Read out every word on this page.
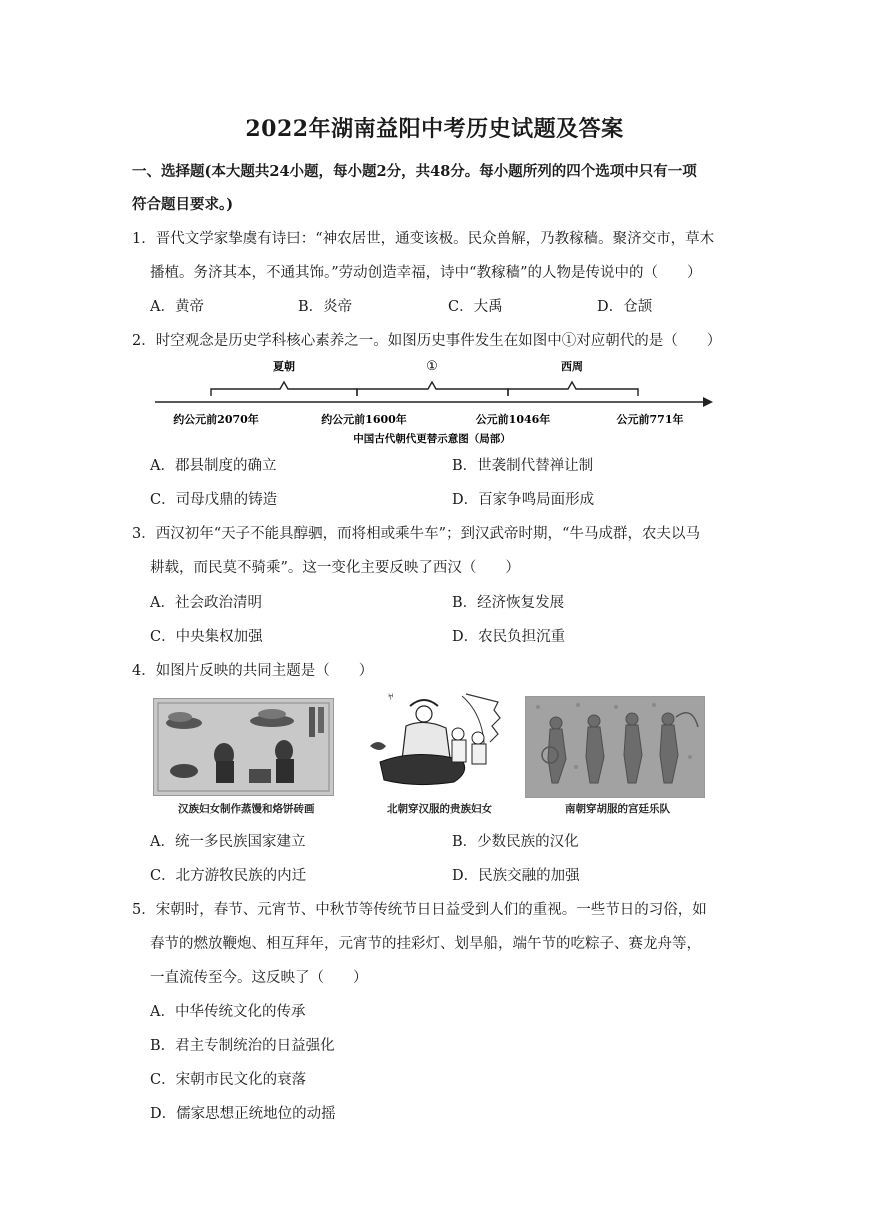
2022年湖南益阳中考历史试题及答案
一、选择题(本大题共24小题，每小题2分，共48分。每小题所列的四个选项中只有一项
符合题目要求。)
1．晋代文学家挚虞有诗曰：“神农居世，通变该极。民众兽解，乃教稼穑。聚济交市，草木
播植。务济其本，不通其饰。”劳动创造幸福，诗中“教稼穑”的人物是传说中的（　　）
A．黄帝	B．炎帝	C．大禹	D．仓颉
2．时空观念是历史学科核心素养之一。如图历史事件发生在如图中①对应朝代的是（　　）
夏朝	①	西周
约公元前2070年	约公元前1600年	公元前1046年	公元前771年
中国古代朝代更替示意图（局部）
A．郡县制度的确立	B．世袭制代替禅让制
C．司母戊鼎的铸造	D．百家争鸣局面形成
3．西汉初年“天子不能具醇驷，而将相或乘牛车”；到汉武帝时期，“牛马成群，农夫以马
耕载，而民莫不骑乘”。这一变化主要反映了西汉（　　）
A．社会政治清明	B．经济恢复发展
C．中央集权加强	D．农民负担沉重
4．如图片反映的共同主题是（　　）
汉族妇女制作蒸馒和烙饼砖画
𐀀
北朝穿汉服的贵族妇女	南朝穿胡服的宫廷乐队
A．统一多民族国家建立	B．少数民族的汉化
C．北方游牧民族的内迁	D．民族交融的加强
5．宋朝时，春节、元宵节、中秋节等传统节日日益受到人们的重视。一些节日的习俗，如
春节的燃放鞭炮、相互拜年，元宵节的挂彩灯、划旱船，端午节的吃粽子、赛龙舟等，
一直流传至今。这反映了（　　）
A．中华传统文化的传承
B．君主专制统治的日益强化
C．宋朝市民文化的衰落
D．儒家思想正统地位的动摇
